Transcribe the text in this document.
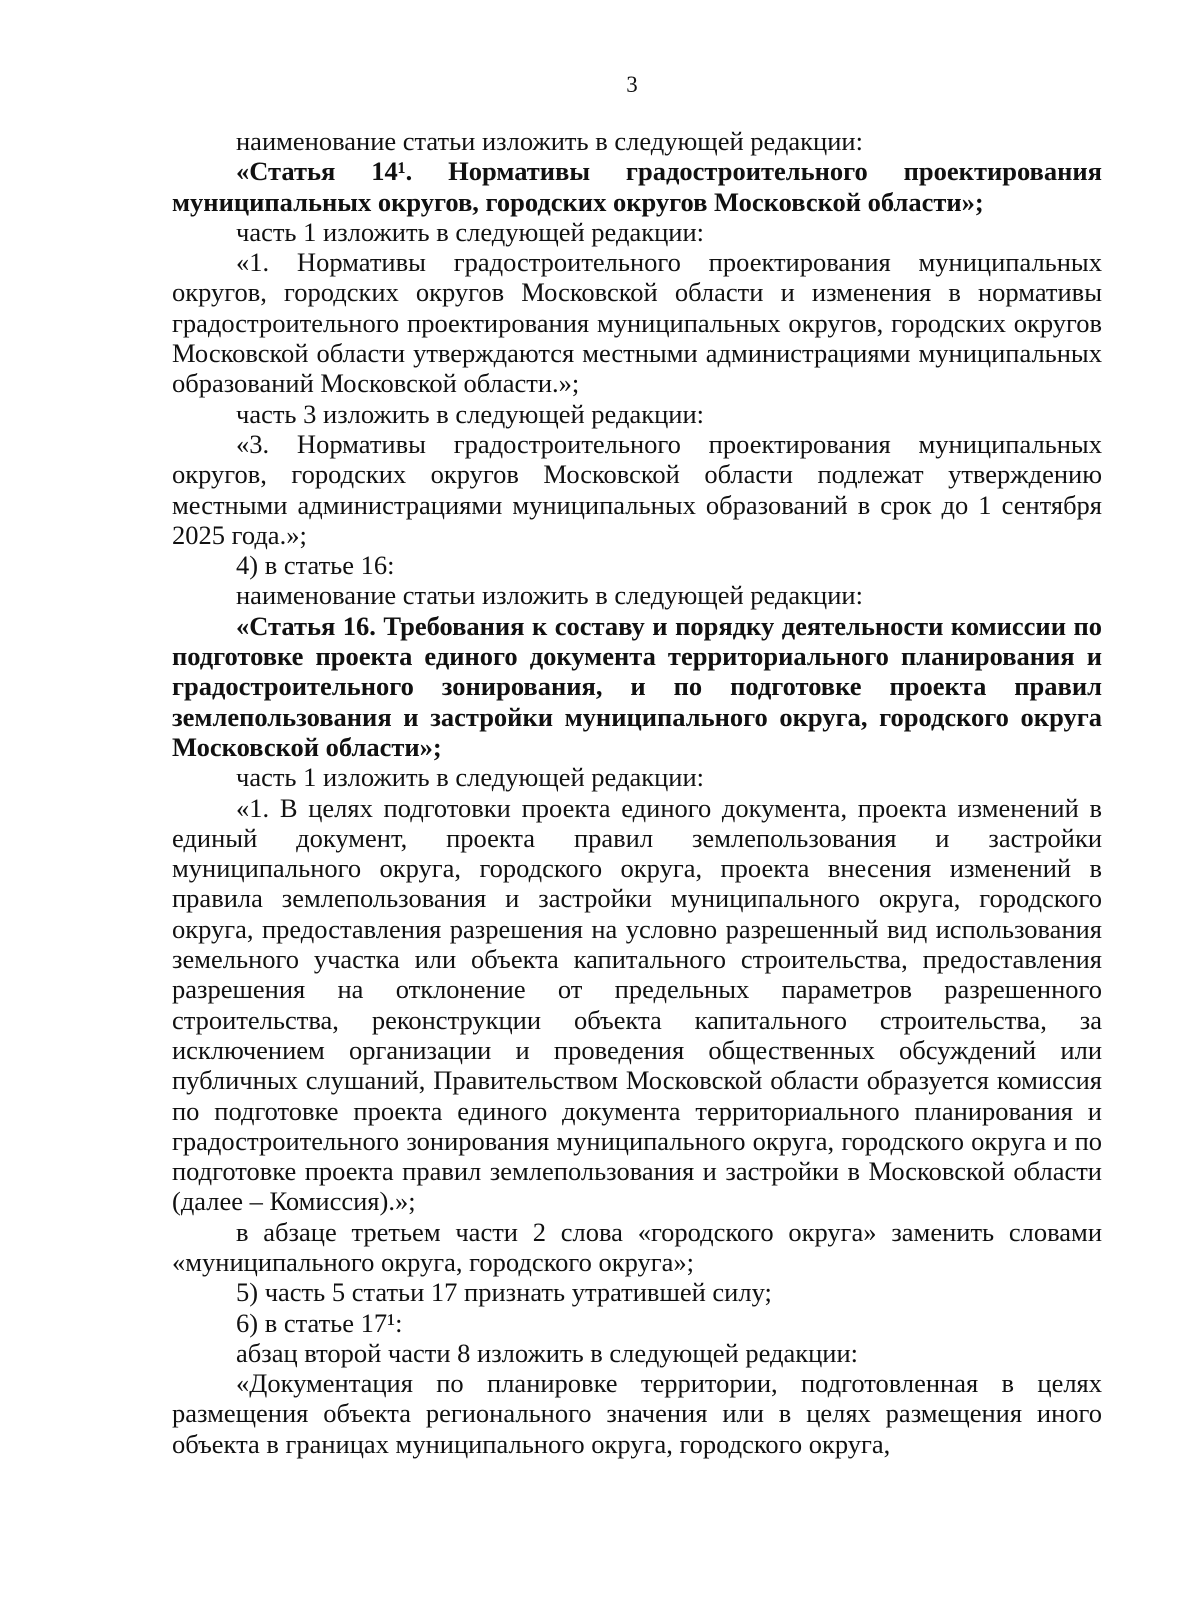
3

наименование статьи изложить в следующей редакции:

«Статья 14¹. Нормативы градостроительного проектирования муниципальных округов, городских округов Московской области»;

часть 1 изложить в следующей редакции:

«1. Нормативы градостроительного проектирования муниципальных округов, городских округов Московской области и изменения в нормативы градостроительного проектирования муниципальных округов, городских округов Московской области утверждаются местными администрациями муниципальных образований Московской области.»;

часть 3 изложить в следующей редакции:

«3. Нормативы градостроительного проектирования муниципальных округов, городских округов Московской области подлежат утверждению местными администрациями муниципальных образований в срок до 1 сентября 2025 года.»;

4) в статье 16:

наименование статьи изложить в следующей редакции:

«Статья 16. Требования к составу и порядку деятельности комиссии по подготовке проекта единого документа территориального планирования и градостроительного зонирования, и по подготовке проекта правил землепользования и застройки муниципального округа, городского округа Московской области»;

часть 1 изложить в следующей редакции:

«1. В целях подготовки проекта единого документа, проекта изменений в единый документ, проекта правил землепользования и застройки муниципального округа, городского округа, проекта внесения изменений в правила землепользования и застройки муниципального округа, городского округа, предоставления разрешения на условно разрешенный вид использования земельного участка или объекта капитального строительства, предоставления разрешения на отклонение от предельных параметров разрешенного строительства, реконструкции объекта капитального строительства, за исключением организации и проведения общественных обсуждений или публичных слушаний, Правительством Московской области образуется комиссия по подготовке проекта единого документа территориального планирования и градостроительного зонирования муниципального округа, городского округа и по подготовке проекта правил землепользования и застройки в Московской области (далее – Комиссия).»;

в абзаце третьем части 2 слова «городского округа» заменить словами «муниципального округа, городского округа»;

5) часть 5 статьи 17 признать утратившей силу;

6) в статье 17¹:

абзац второй части 8 изложить в следующей редакции:

«Документация по планировке территории, подготовленная в целях размещения объекта регионального значения или в целях размещения иного объекта в границах муниципального округа, городского округа,
